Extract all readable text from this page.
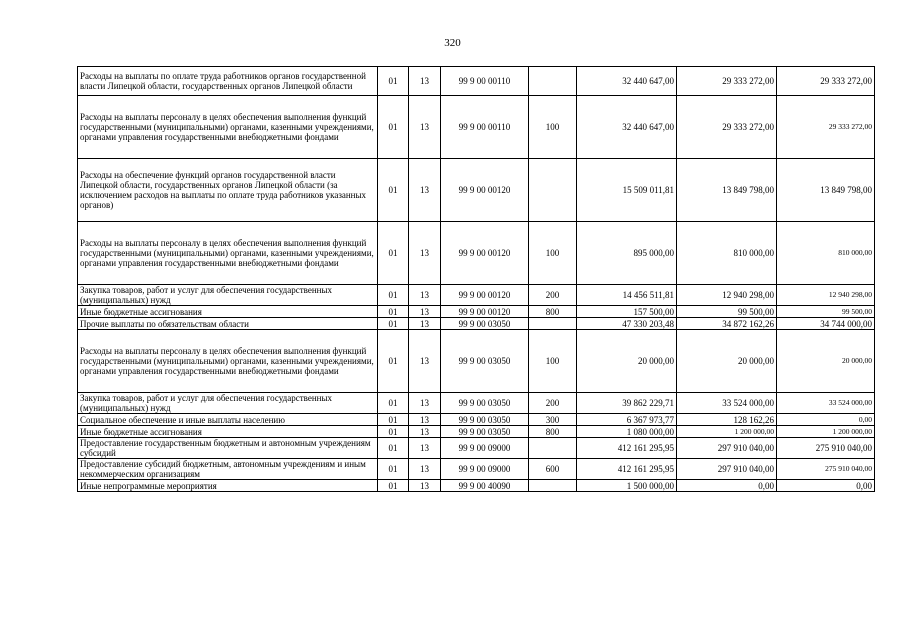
320
Расходы на выплаты по оплате труда работников органов государственной власти Липецкой области, государственных органов Липецкой области	01	13	99 9 00 00110		32 440 647,00	29 333 272,00	29 333 272,00
Расходы на выплаты персоналу в целях обеспечения выполнения функций государственными (муниципальными) органами, казенными учреждениями, органами управления государственными внебюджетными фондами	01	13	99 9 00 00110	100	32 440 647,00	29 333 272,00	29 333 272,00
Расходы на обеспечение функций органов государственной власти Липецкой области, государственных органов Липецкой области (за исключением расходов на выплаты по оплате труда работников указанных органов)	01	13	99 9 00 00120		15 509 011,81	13 849 798,00	13 849 798,00
Расходы на выплаты персоналу в целях обеспечения выполнения функций государственными (муниципальными) органами, казенными учреждениями, органами управления государственными внебюджетными фондами	01	13	99 9 00 00120	100	895 000,00	810 000,00	810 000,00
Закупка товаров, работ и услуг для обеспечения государственных (муниципальных) нужд	01	13	99 9 00 00120	200	14 456 511,81	12 940 298,00	12 940 298,00
Иные бюджетные ассигнования	01	13	99 9 00 00120	800	157 500,00	99 500,00	99 500,00
Прочие выплаты по обязательствам области	01	13	99 9 00 03050		47 330 203,48	34 872 162,26	34 744 000,00
Расходы на выплаты персоналу в целях обеспечения выполнения функций государственными (муниципальными) органами, казенными учреждениями, органами управления государственными внебюджетными фондами	01	13	99 9 00 03050	100	20 000,00	20 000,00	20 000,00
Закупка товаров, работ и услуг для обеспечения государственных (муниципальных) нужд	01	13	99 9 00 03050	200	39 862 229,71	33 524 000,00	33 524 000,00
Социальное обеспечение и иные выплаты населению	01	13	99 9 00 03050	300	6 367 973,77	128 162,26	0,00
Иные бюджетные ассигнования	01	13	99 9 00 03050	800	1 080 000,00	1 200 000,00	1 200 000,00
Предоставление государственным бюджетным и автономным учреждениям субсидий	01	13	99 9 00 09000		412 161 295,95	297 910 040,00	275 910 040,00
Предоставление субсидий бюджетным, автономным учреждениям и иным некоммерческим организациям	01	13	99 9 00 09000	600	412 161 295,95	297 910 040,00	275 910 040,00
Иные непрограммные мероприятия	01	13	99 9 00 40090		1 500 000,00	0,00	0,00
